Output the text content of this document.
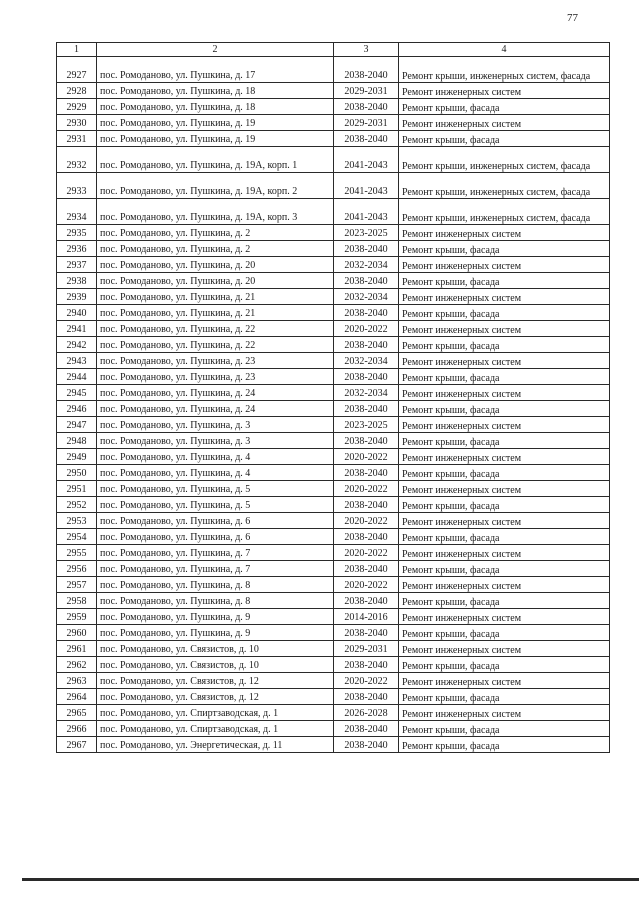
77
1	2	3	4
2927	пос. Ромоданово, ул. Пушкина, д. 17	2038-2040	Ремонт крыши, инженерных систем, фасада
2928	пос. Ромоданово, ул. Пушкина, д. 18	2029-2031	Ремонт инженерных систем
2929	пос. Ромоданово, ул. Пушкина, д. 18	2038-2040	Ремонт крыши, фасада
2930	пос. Ромоданово, ул. Пушкина, д. 19	2029-2031	Ремонт инженерных систем
2931	пос. Ромоданово, ул. Пушкина, д. 19	2038-2040	Ремонт крыши, фасада
2932	пос. Ромоданово, ул. Пушкина, д. 19А, корп. 1	2041-2043	Ремонт крыши, инженерных систем, фасада
2933	пос. Ромоданово, ул. Пушкина, д. 19А, корп. 2	2041-2043	Ремонт крыши, инженерных систем, фасада
2934	пос. Ромоданово, ул. Пушкина, д. 19А, корп. 3	2041-2043	Ремонт крыши, инженерных систем, фасада
2935	пос. Ромоданово, ул. Пушкина, д. 2	2023-2025	Ремонт инженерных систем
2936	пос. Ромоданово, ул. Пушкина, д. 2	2038-2040	Ремонт крыши, фасада
2937	пос. Ромоданово, ул. Пушкина, д. 20	2032-2034	Ремонт инженерных систем
2938	пос. Ромоданово, ул. Пушкина, д. 20	2038-2040	Ремонт крыши, фасада
2939	пос. Ромоданово, ул. Пушкина, д. 21	2032-2034	Ремонт инженерных систем
2940	пос. Ромоданово, ул. Пушкина, д. 21	2038-2040	Ремонт крыши, фасада
2941	пос. Ромоданово, ул. Пушкина, д. 22	2020-2022	Ремонт инженерных систем
2942	пос. Ромоданово, ул. Пушкина, д. 22	2038-2040	Ремонт крыши, фасада
2943	пос. Ромоданово, ул. Пушкина, д. 23	2032-2034	Ремонт инженерных систем
2944	пос. Ромоданово, ул. Пушкина, д. 23	2038-2040	Ремонт крыши, фасада
2945	пос. Ромоданово, ул. Пушкина, д. 24	2032-2034	Ремонт инженерных систем
2946	пос. Ромоданово, ул. Пушкина, д. 24	2038-2040	Ремонт крыши, фасада
2947	пос. Ромоданово, ул. Пушкина, д. 3	2023-2025	Ремонт инженерных систем
2948	пос. Ромоданово, ул. Пушкина, д. 3	2038-2040	Ремонт крыши, фасада
2949	пос. Ромоданово, ул. Пушкина, д. 4	2020-2022	Ремонт инженерных систем
2950	пос. Ромоданово, ул. Пушкина, д. 4	2038-2040	Ремонт крыши, фасада
2951	пос. Ромоданово, ул. Пушкина, д. 5	2020-2022	Ремонт инженерных систем
2952	пос. Ромоданово, ул. Пушкина, д. 5	2038-2040	Ремонт крыши, фасада
2953	пос. Ромоданово, ул. Пушкина, д. 6	2020-2022	Ремонт инженерных систем
2954	пос. Ромоданово, ул. Пушкина, д. 6	2038-2040	Ремонт крыши, фасада
2955	пос. Ромоданово, ул. Пушкина, д. 7	2020-2022	Ремонт инженерных систем
2956	пос. Ромоданово, ул. Пушкина, д. 7	2038-2040	Ремонт крыши, фасада
2957	пос. Ромоданово, ул. Пушкина, д. 8	2020-2022	Ремонт инженерных систем
2958	пос. Ромоданово, ул. Пушкина, д. 8	2038-2040	Ремонт крыши, фасада
2959	пос. Ромоданово, ул. Пушкина, д. 9	2014-2016	Ремонт инженерных систем
2960	пос. Ромоданово, ул. Пушкина, д. 9	2038-2040	Ремонт крыши, фасада
2961	пос. Ромоданово, ул. Связистов, д. 10	2029-2031	Ремонт инженерных систем
2962	пос. Ромоданово, ул. Связистов, д. 10	2038-2040	Ремонт крыши, фасада
2963	пос. Ромоданово, ул. Связистов, д. 12	2020-2022	Ремонт инженерных систем
2964	пос. Ромоданово, ул. Связистов, д. 12	2038-2040	Ремонт крыши, фасада
2965	пос. Ромоданово, ул. Спиртзаводская, д. 1	2026-2028	Ремонт инженерных систем
2966	пос. Ромоданово, ул. Спиртзаводская, д. 1	2038-2040	Ремонт крыши, фасада
2967	пос. Ромоданово, ул. Энергетическая, д. 11	2038-2040	Ремонт крыши, фасада
